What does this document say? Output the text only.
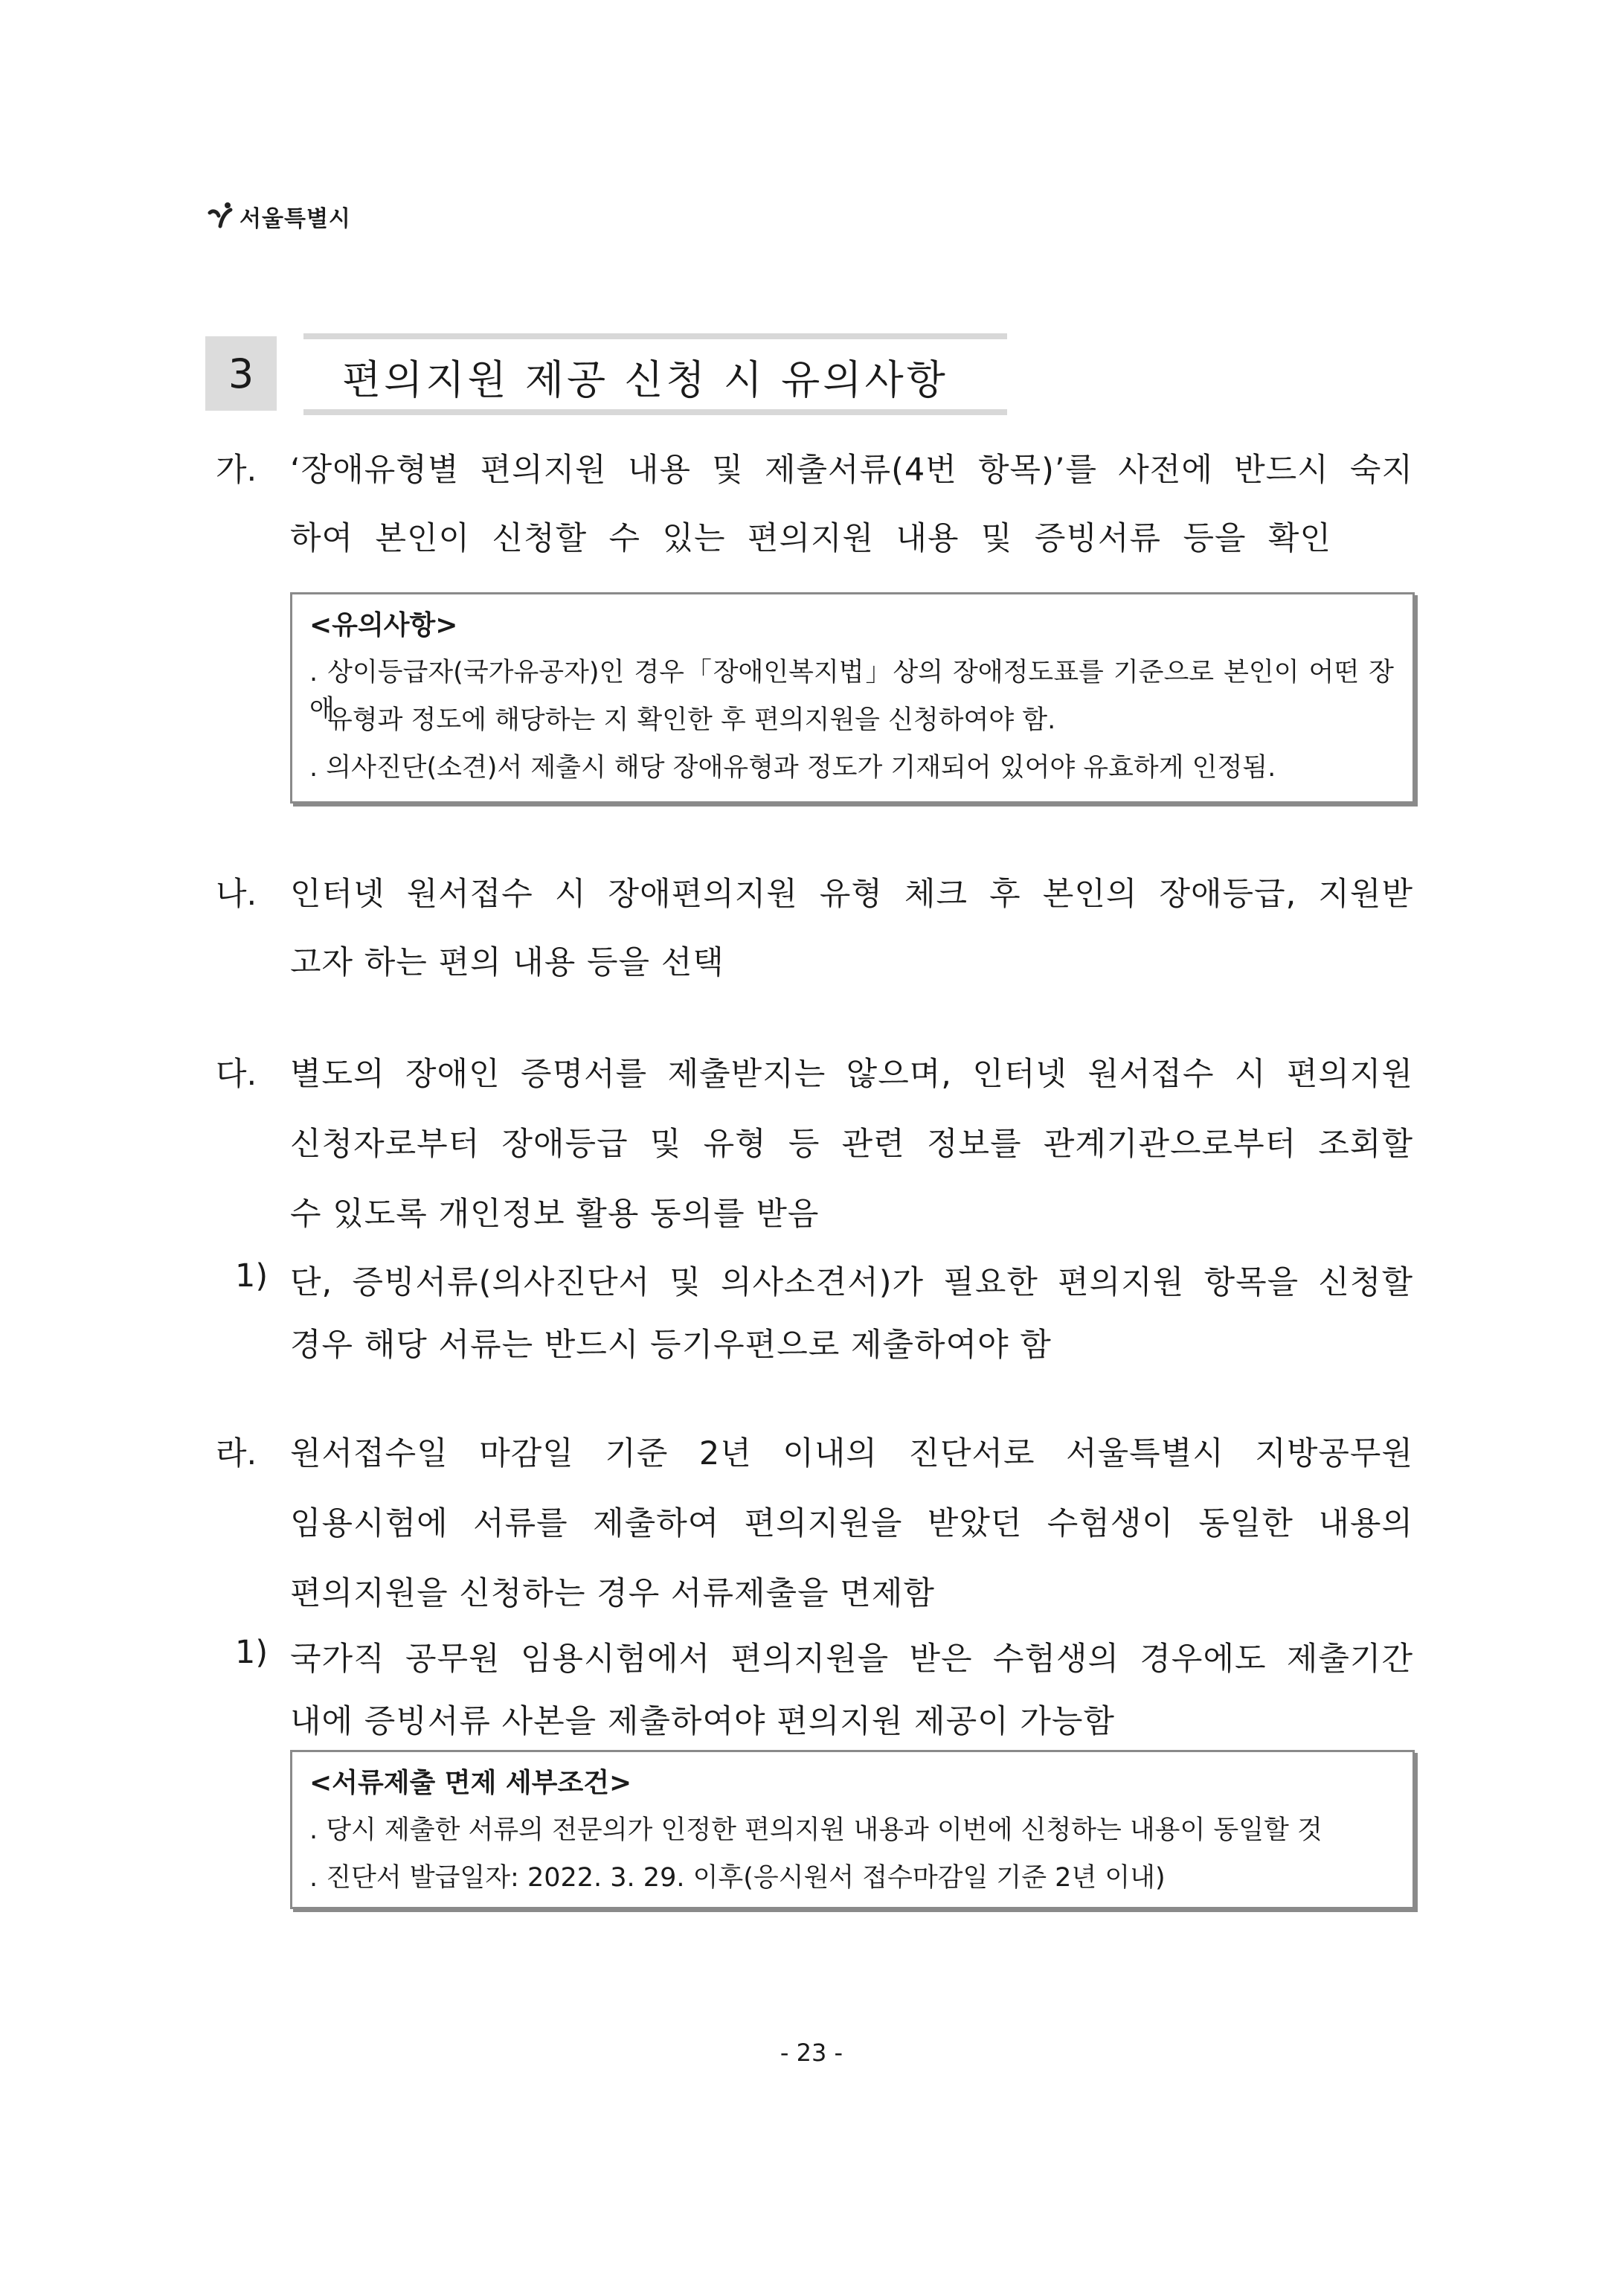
서울특별시
3	편의지원 제공 신청 시 유의사항
가. ‘장애유형별 편의지원 내용 및 제출서류(4번 항목)’를 사전에 반드시 숙지
하여 본인이 신청할 수 있는 편의지원 내용 및 증빙서류 등을 확인
<유의사항>
. 상이등급자(국가유공자)인 경우「장애인복지법」상의 장애정도표를 기준으로 본인이 어떤 장애
유형과 정도에 해당하는 지 확인한 후 편의지원을 신청하여야 함.
. 의사진단(소견)서 제출시 해당 장애유형과 정도가 기재되어 있어야 유효하게 인정됨.
나. 인터넷 원서접수 시 장애편의지원 유형 체크 후 본인의 장애등급, 지원받
고자 하는 편의 내용 등을 선택
다. 별도의 장애인 증명서를 제출받지는 않으며, 인터넷 원서접수 시 편의지원
신청자로부터 장애등급 및 유형 등 관련 정보를 관계기관으로부터 조회할
수 있도록 개인정보 활용 동의를 받음
1) 단, 증빙서류(의사진단서 및 의사소견서)가 필요한 편의지원 항목을 신청할
경우 해당 서류는 반드시 등기우편으로 제출하여야 함
라. 원서접수일 마감일 기준 2년 이내의 진단서로 서울특별시 지방공무원
임용시험에 서류를 제출하여 편의지원을 받았던 수험생이 동일한 내용의
편의지원을 신청하는 경우 서류제출을 면제함
1) 국가직 공무원 임용시험에서 편의지원을 받은 수험생의 경우에도 제출기간
내에 증빙서류 사본을 제출하여야 편의지원 제공이 가능함
<서류제출 면제 세부조건>
. 당시 제출한 서류의 전문의가 인정한 편의지원 내용과 이번에 신청하는 내용이 동일할 것
. 진단서 발급일자: 2022. 3. 29. 이후(응시원서 접수마감일 기준 2년 이내)
- 23 -
